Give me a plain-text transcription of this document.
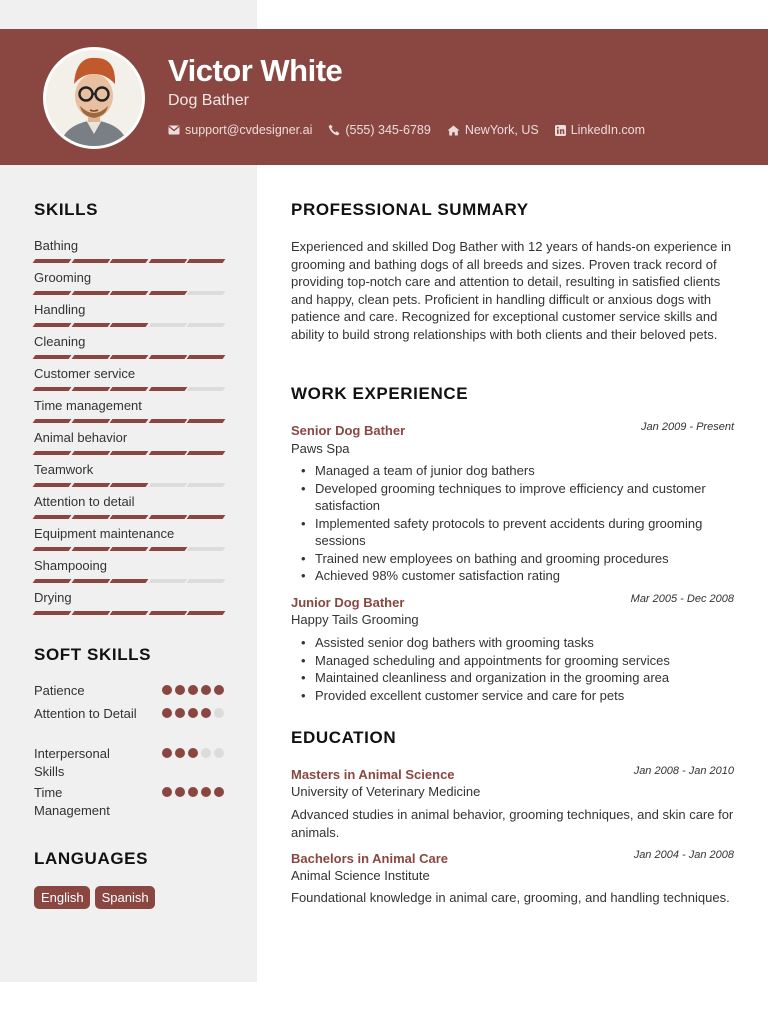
Victor White
Dog Bather
support@cvdesigner.ai	(555) 345-6789	NewYork, US	LinkedIn.com
SKILLS
Bathing
Grooming
Handling
Cleaning
Customer service
Time management
Animal behavior
Teamwork
Attention to detail
Equipment maintenance
Shampooing
Drying
SOFT SKILLS
Patience
Attention to Detail
Interpersonal Skills
Time Management
LANGUAGES
English	Spanish
PROFESSIONAL SUMMARY
Experienced and skilled Dog Bather with 12 years of hands-on experience in grooming and bathing dogs of all breeds and sizes. Proven track record of providing top-notch care and attention to detail, resulting in satisfied clients and happy, clean pets. Proficient in handling difficult or anxious dogs with patience and care. Recognized for exceptional customer service skills and ability to build strong relationships with both clients and their beloved pets.
WORK EXPERIENCE
Senior Dog Bather	Jan 2009 - Present
Paws Spa
• Managed a team of junior dog bathers
• Developed grooming techniques to improve efficiency and customer satisfaction
• Implemented safety protocols to prevent accidents during grooming sessions
• Trained new employees on bathing and grooming procedures
• Achieved 98% customer satisfaction rating
Junior Dog Bather	Mar 2005 - Dec 2008
Happy Tails Grooming
• Assisted senior dog bathers with grooming tasks
• Managed scheduling and appointments for grooming services
• Maintained cleanliness and organization in the grooming area
• Provided excellent customer service and care for pets
EDUCATION
Masters in Animal Science	Jan 2008 - Jan 2010
University of Veterinary Medicine
Advanced studies in animal behavior, grooming techniques, and skin care for animals.
Bachelors in Animal Care	Jan 2004 - Jan 2008
Animal Science Institute
Foundational knowledge in animal care, grooming, and handling techniques.
